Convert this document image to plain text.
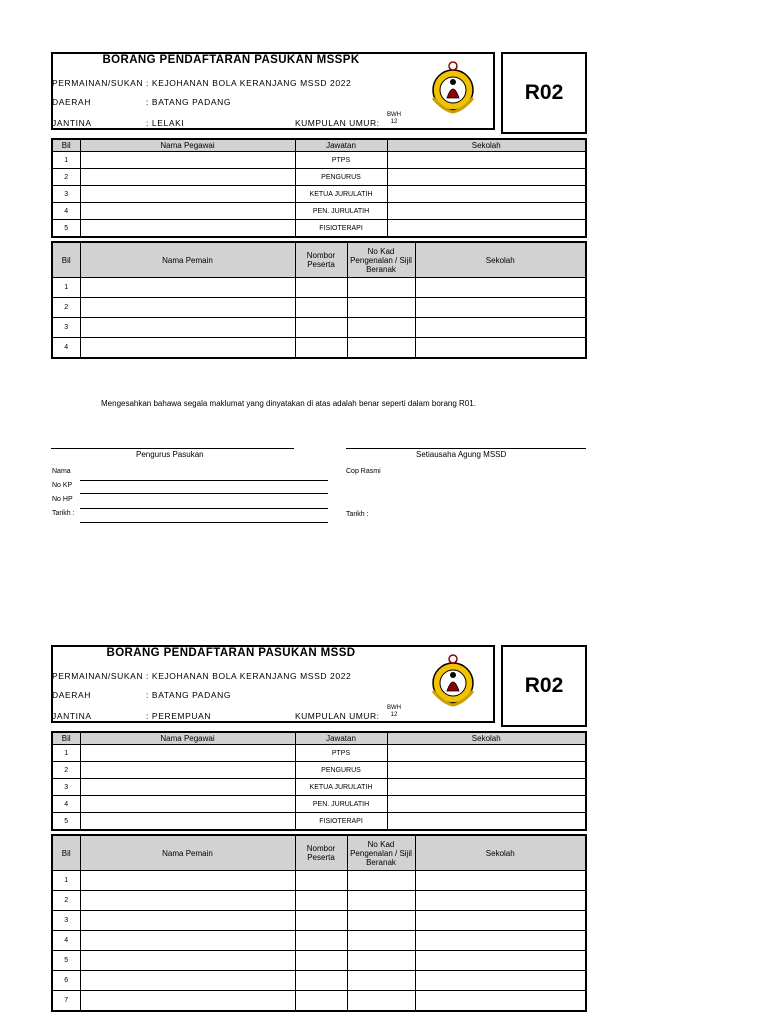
BORANG PENDAFTARAN PASUKAN MSSPK
PERMAINAN/SUKAN : KEJOHANAN BOLA KERANJANG MSSD 2022
DAERAH	: BATANG PADANG
JANTINA	: LELAKI	KUMPULAN UMUR:
BWH
12
R02
Bil	Nama Pegawai	Jawatan	Sekolah
1		PTPS	
2		PENGURUS	
3		KETUA JURULATIH	
4		PEN. JURULATIH	
5		FISIOTERAPI	
Bil	Nama Pemain	Nombor Peserta	No Kad Pengenalan / Sijil Beranak	Sekolah
1				
2				
3				
4				
Mengesahkan bahawa segala maklumat yang dinyatakan di atas adalah benar seperti dalam borang R01.
Pengurus Pasukan	Setiausaha Agung MSSD
Nama
No KP
No HP
Tarikh :
Cop Rasmi
Tarikh :
BORANG PENDAFTARAN PASUKAN MSSD
PERMAINAN/SUKAN : KEJOHANAN BOLA KERANJANG MSSD 2022
DAERAH	: BATANG PADANG
JANTINA	: PEREMPUAN	KUMPULAN UMUR:
BWH
12
R02
Bil	Nama Pegawai	Jawatan	Sekolah
1		PTPS	
2		PENGURUS	
3		KETUA JURULATIH	
4		PEN. JURULATIH	
5		FISIOTERAPI	
Bil	Nama Pemain	Nombor Peserta	No Kad Pengenalan / Sijil Beranak	Sekolah
1				
2				
3				
4				
5				
6				
7				
